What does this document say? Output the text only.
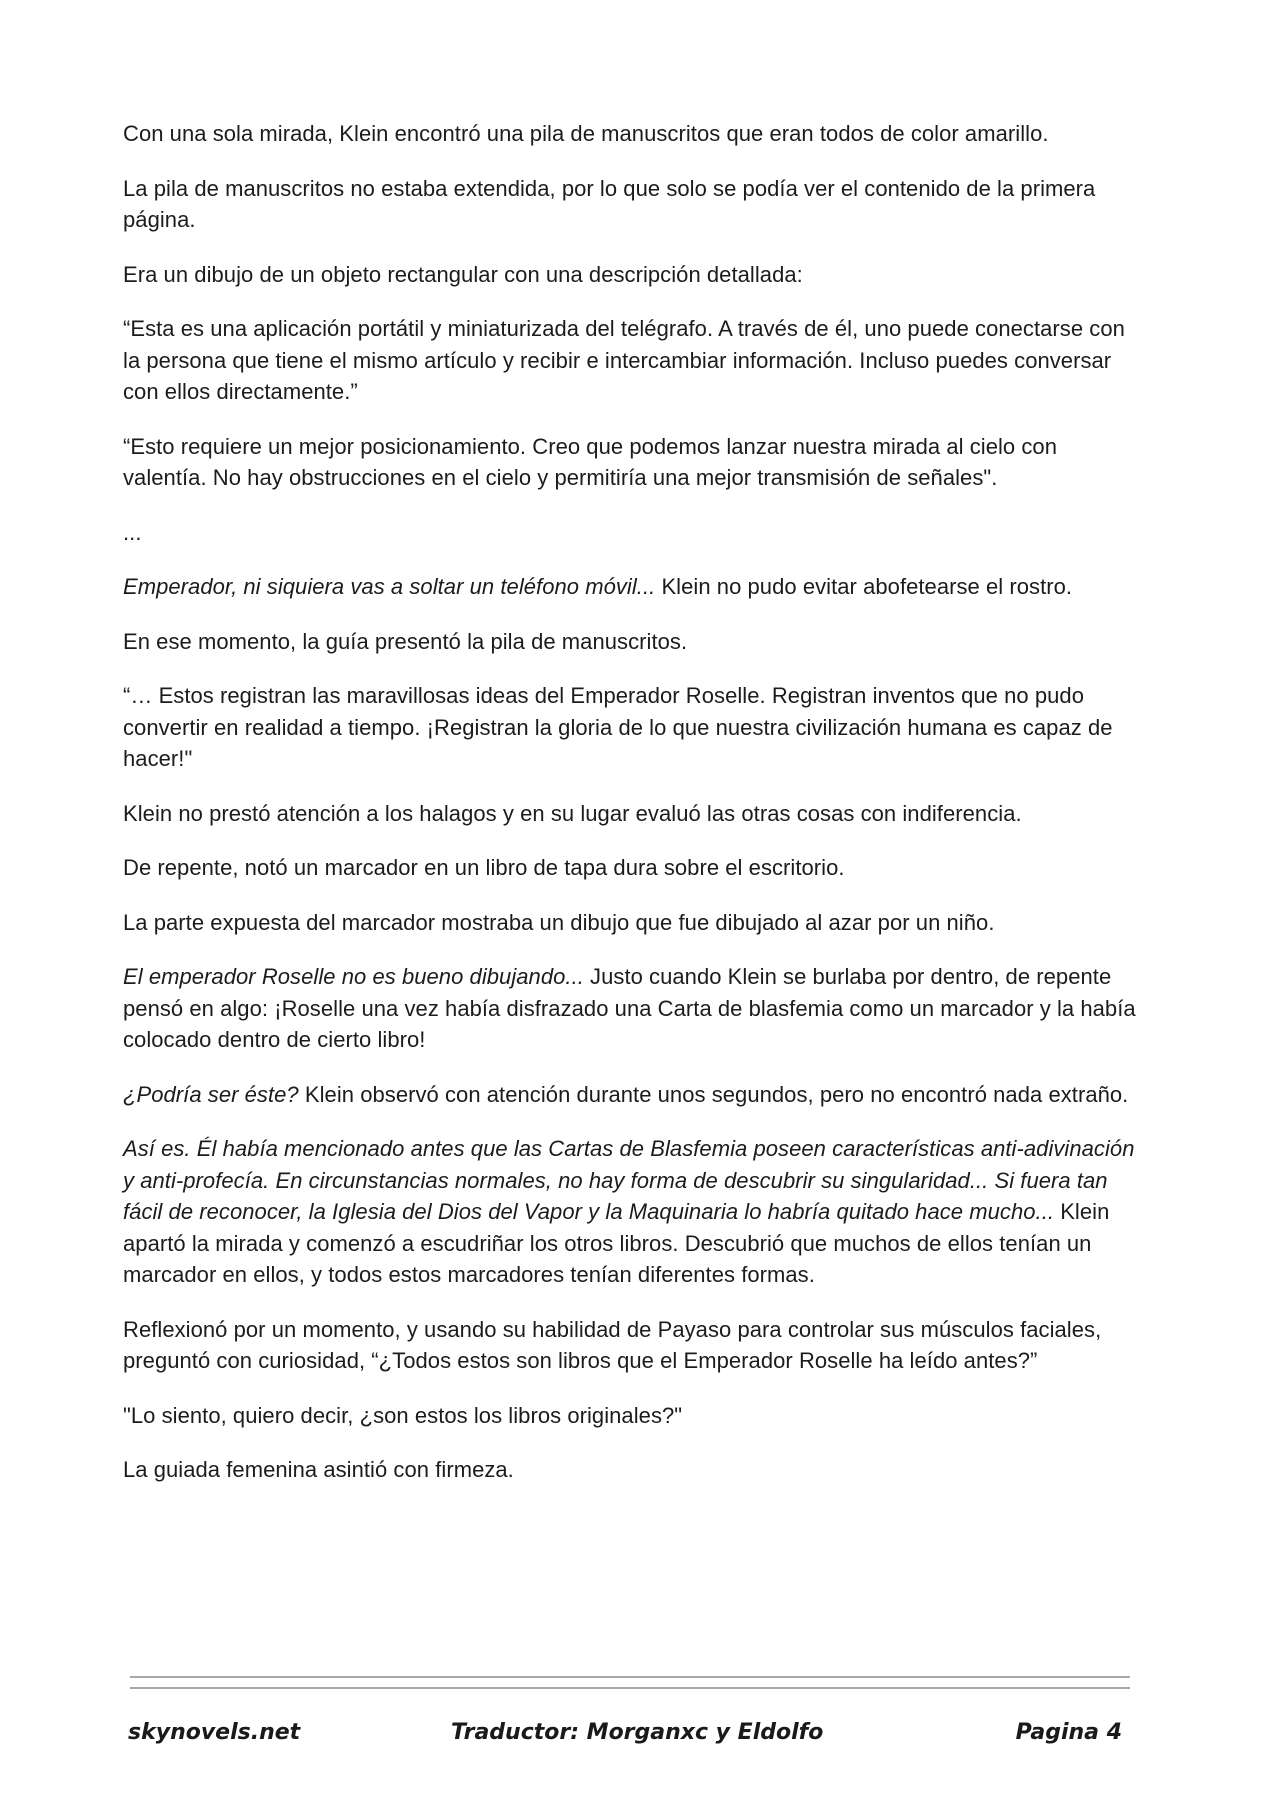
Con una sola mirada, Klein encontró una pila de manuscritos que eran todos de color amarillo.

La pila de manuscritos no estaba extendida, por lo que solo se podía ver el contenido de la primera página.

Era un dibujo de un objeto rectangular con una descripción detallada:

“Esta es una aplicación portátil y miniaturizada del telégrafo. A través de él, uno puede conectarse con la persona que tiene el mismo artículo y recibir e intercambiar información. Incluso puedes conversar con ellos directamente.”

“Esto requiere un mejor posicionamiento. Creo que podemos lanzar nuestra mirada al cielo con valentía. No hay obstrucciones en el cielo y permitiría una mejor transmisión de señales".

...

Emperador, ni siquiera vas a soltar un teléfono móvil... Klein no pudo evitar abofetearse el rostro.

En ese momento, la guía presentó la pila de manuscritos.

“… Estos registran las maravillosas ideas del Emperador Roselle. Registran inventos que no pudo convertir en realidad a tiempo. ¡Registran la gloria de lo que nuestra civilización humana es capaz de hacer!"

Klein no prestó atención a los halagos y en su lugar evaluó las otras cosas con indiferencia.

De repente, notó un marcador en un libro de tapa dura sobre el escritorio.

La parte expuesta del marcador mostraba un dibujo que fue dibujado al azar por un niño.

El emperador Roselle no es bueno dibujando... Justo cuando Klein se burlaba por dentro, de repente pensó en algo: ¡Roselle una vez había disfrazado una Carta de blasfemia como un marcador y la había colocado dentro de cierto libro!

¿Podría ser éste? Klein observó con atención durante unos segundos, pero no encontró nada extraño.

Así es. Él había mencionado antes que las Cartas de Blasfemia poseen características anti-adivinación y anti-profecía. En circunstancias normales, no hay forma de descubrir su singularidad... Si fuera tan fácil de reconocer, la Iglesia del Dios del Vapor y la Maquinaria lo habría quitado hace mucho... Klein apartó la mirada y comenzó a escudriñar los otros libros. Descubrió que muchos de ellos tenían un marcador en ellos, y todos estos marcadores tenían diferentes formas.

Reflexionó por un momento, y usando su habilidad de Payaso para controlar sus músculos faciales, preguntó con curiosidad, “¿Todos estos son libros que el Emperador Roselle ha leído antes?”

"Lo siento, quiero decir, ¿son estos los libros originales?"

La guiada femenina asintió con firmeza.

skynovels.net	Traductor: Morganxc y Eldolfo	Pagina 4
